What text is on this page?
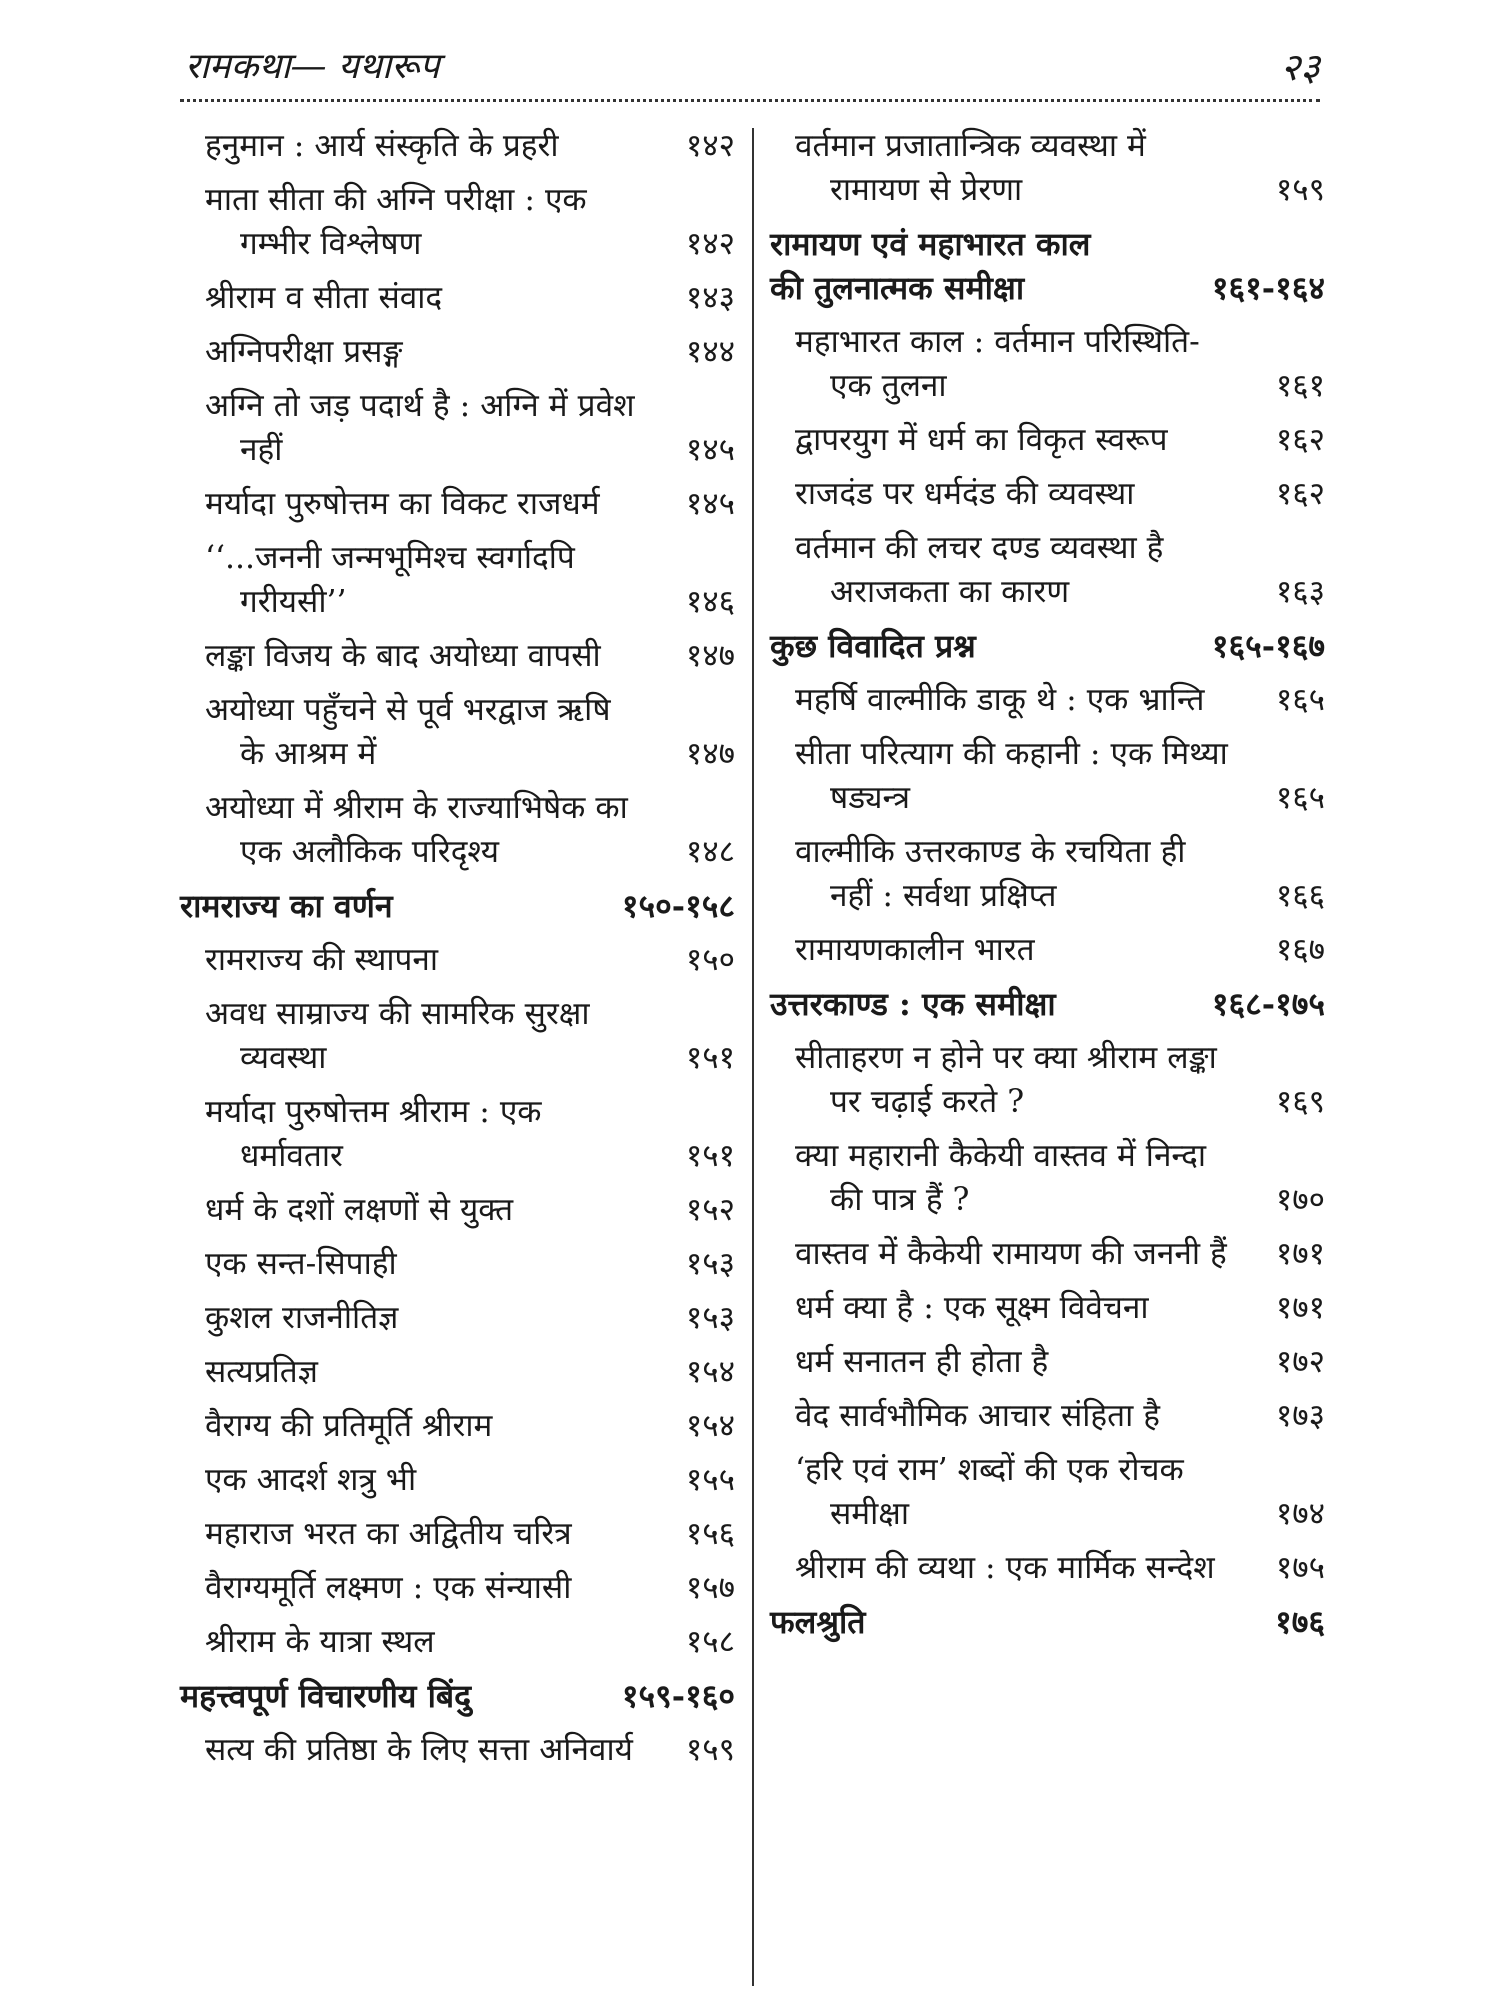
रामकथा— यथारूप	२३
हनुमान : आर्य संस्कृति के प्रहरी	१४२
माता सीता की अग्नि परीक्षा : एक गम्भीर विश्लेषण	१४२
श्रीराम व सीता संवाद	१४३
अग्निपरीक्षा प्रसङ्ग	१४४
अग्नि तो जड़ पदार्थ है : अग्नि में प्रवेश नहीं	१४५
मर्यादा पुरुषोत्तम का विकट राजधर्म	१४५
‘‘...जननी जन्मभूमिश्च स्वर्गादपि गरीयसी’’	१४६
लङ्का विजय के बाद अयोध्या वापसी	१४७
अयोध्या पहुँचने से पूर्व भरद्वाज ऋषि के आश्रम में	१४७
अयोध्या में श्रीराम के राज्याभिषेक का एक अलौकिक परिदृश्य	१४८
रामराज्य का वर्णन	१५०-१५८
रामराज्य की स्थापना	१५०
अवध साम्राज्य की सामरिक सुरक्षा व्यवस्था	१५१
मर्यादा पुरुषोत्तम श्रीराम : एक धर्मावतार	१५१
धर्म के दशों लक्षणों से युक्त	१५२
एक सन्त-सिपाही	१५३
कुशल राजनीतिज्ञ	१५३
सत्यप्रतिज्ञ	१५४
वैराग्य की प्रतिमूर्ति श्रीराम	१५४
एक आदर्श शत्रु भी	१५५
महाराज भरत का अद्वितीय चरित्र	१५६
वैराग्यमूर्ति लक्ष्मण : एक संन्यासी	१५७
श्रीराम के यात्रा स्थल	१५८
महत्त्वपूर्ण विचारणीय बिंदु	१५९-१६०
सत्य की प्रतिष्ठा के लिए सत्ता अनिवार्य	१५९
वर्तमान प्रजातान्त्रिक व्यवस्था में रामायण से प्रेरणा	१५९
रामायण एवं महाभारत काल की तुलनात्मक समीक्षा	१६१-१६४
महाभारत काल : वर्तमान परिस्थिति-एक तुलना	१६१
द्वापरयुग में धर्म का विकृत स्वरूप	१६२
राजदंड पर धर्मदंड की व्यवस्था	१६२
वर्तमान की लचर दण्ड व्यवस्था है अराजकता का कारण	१६३
कुछ विवादित प्रश्न	१६५-१६७
महर्षि वाल्मीकि डाकू थे : एक भ्रान्ति	१६५
सीता परित्याग की कहानी : एक मिथ्या षड्यन्त्र	१६५
वाल्मीकि उत्तरकाण्ड के रचयिता ही नहीं : सर्वथा प्रक्षिप्त	१६६
रामायणकालीन भारत	१६७
उत्तरकाण्ड : एक समीक्षा	१६८-१७५
सीताहरण न होने पर क्या श्रीराम लङ्का पर चढ़ाई करते ?	१६९
क्या महारानी कैकेयी वास्तव में निन्दा की पात्र हैं ?	१७०
वास्तव में कैकेयी रामायण की जननी हैं	१७१
धर्म क्या है : एक सूक्ष्म विवेचना	१७१
धर्म सनातन ही होता है	१७२
वेद सार्वभौमिक आचार संहिता है	१७३
‘हरि एवं राम’ शब्दों की एक रोचक समीक्षा	१७४
श्रीराम की व्यथा : एक मार्मिक सन्देश	१७५
फलश्रुति	१७६
